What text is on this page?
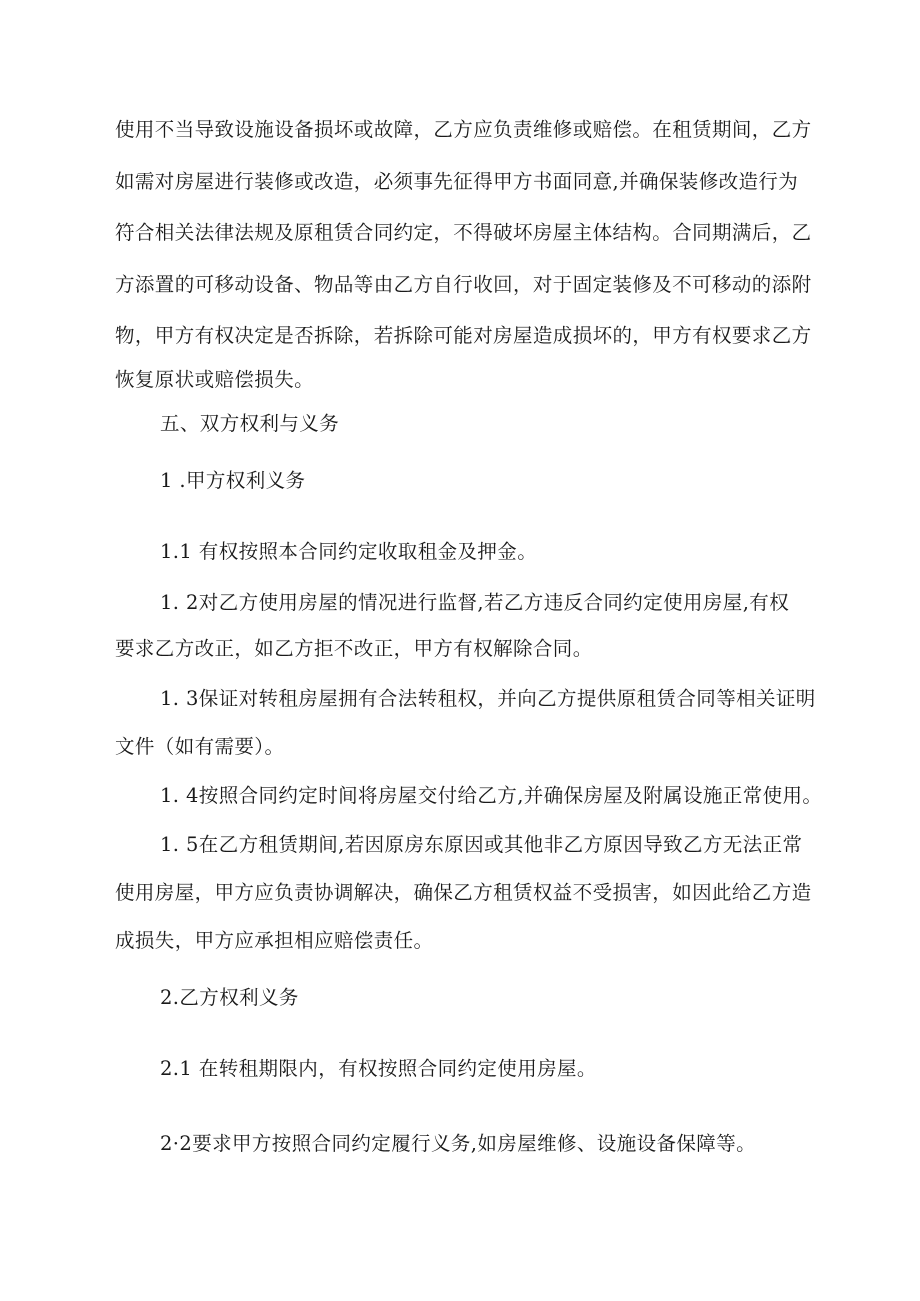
使用不当导致设施设备损坏或故障，乙方应负责维修或赔偿。在租赁期间，乙方
如需对房屋进行装修或改造，必须事先征得甲方书面同意,并确保装修改造行为
符合相关法律法规及原租赁合同约定，不得破坏房屋主体结构。合同期满后，乙
方添置的可移动设备、物品等由乙方自行收回，对于固定装修及不可移动的添附
物，甲方有权决定是否拆除，若拆除可能对房屋造成损坏的，甲方有权要求乙方
恢复原状或赔偿损失。
五、双方权利与义务
1 .甲方权利义务
1.1 有权按照本合同约定收取租金及押金。
1. 2对乙方使用房屋的情况进行监督,若乙方违反合同约定使用房屋,有权
要求乙方改正，如乙方拒不改正，甲方有权解除合同。
1. 3保证对转租房屋拥有合法转租权，并向乙方提供原租赁合同等相关证明
文件（如有需要）。
1. 4按照合同约定时间将房屋交付给乙方,并确保房屋及附属设施正常使用。
1. 5在乙方租赁期间,若因原房东原因或其他非乙方原因导致乙方无法正常
使用房屋，甲方应负责协调解决，确保乙方租赁权益不受损害，如因此给乙方造
成损失，甲方应承担相应赔偿责任。
2.乙方权利义务
2.1 在转租期限内，有权按照合同约定使用房屋。
2·2要求甲方按照合同约定履行义务,如房屋维修、设施设备保障等。
